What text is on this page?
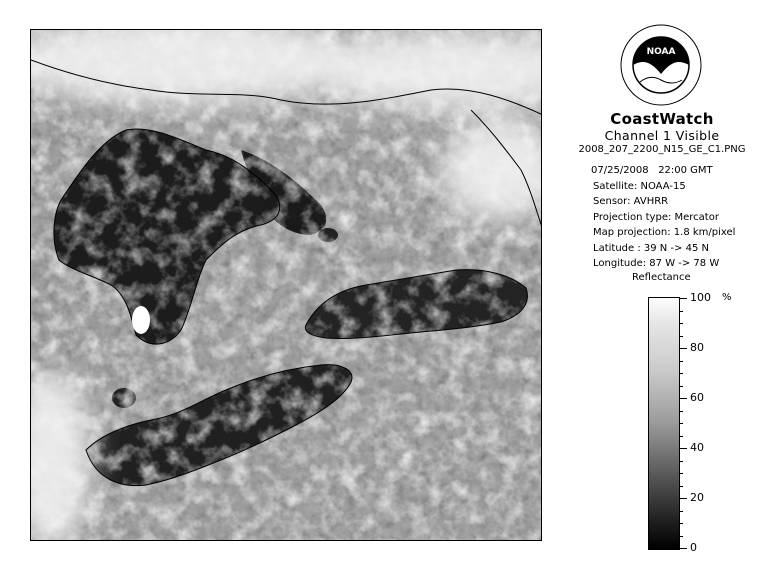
NOAA
CoastWatch
Channel 1 Visible
2008_207_2200_N15_GE_C1.PNG
07/25/2008 22:00 GMT
Satellite: NOAA-15
Sensor: AVHRR
Projection type: Mercator
Map projection: 1.8 km/pixel
Latitude : 39 N -> 45 N
Longitude: 87 W -> 78 W
Reflectance
100
80
60
40
20
0
%
